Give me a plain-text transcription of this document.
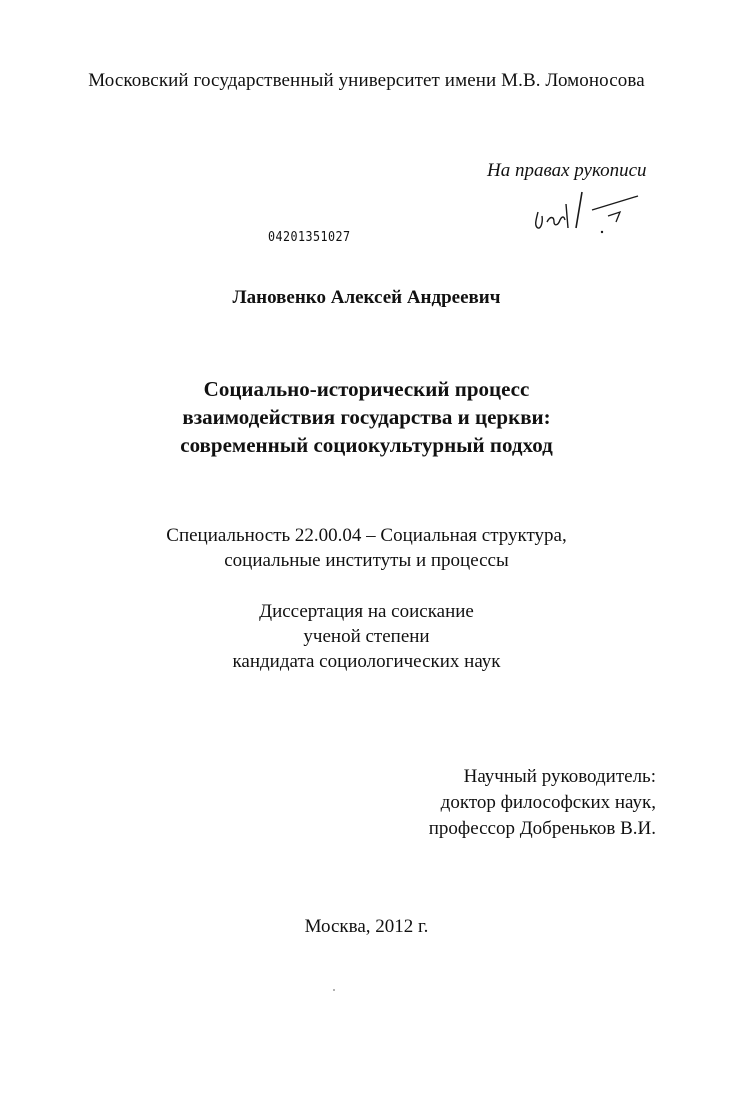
Московский государственный университет имени М.В. Ломоносова
На правах рукописи
04201351027
Лановенко Алексей Андреевич
Социально-исторический процесс
взаимодействия государства и церкви:
современный социокультурный подход
Специальность 22.00.04 – Социальная структура,
социальные институты и процессы
Диссертация на соискание
ученой степени
кандидата социологических наук
Научный руководитель:
доктор философских наук,
профессор Добреньков В.И.
Москва, 2012 г.
